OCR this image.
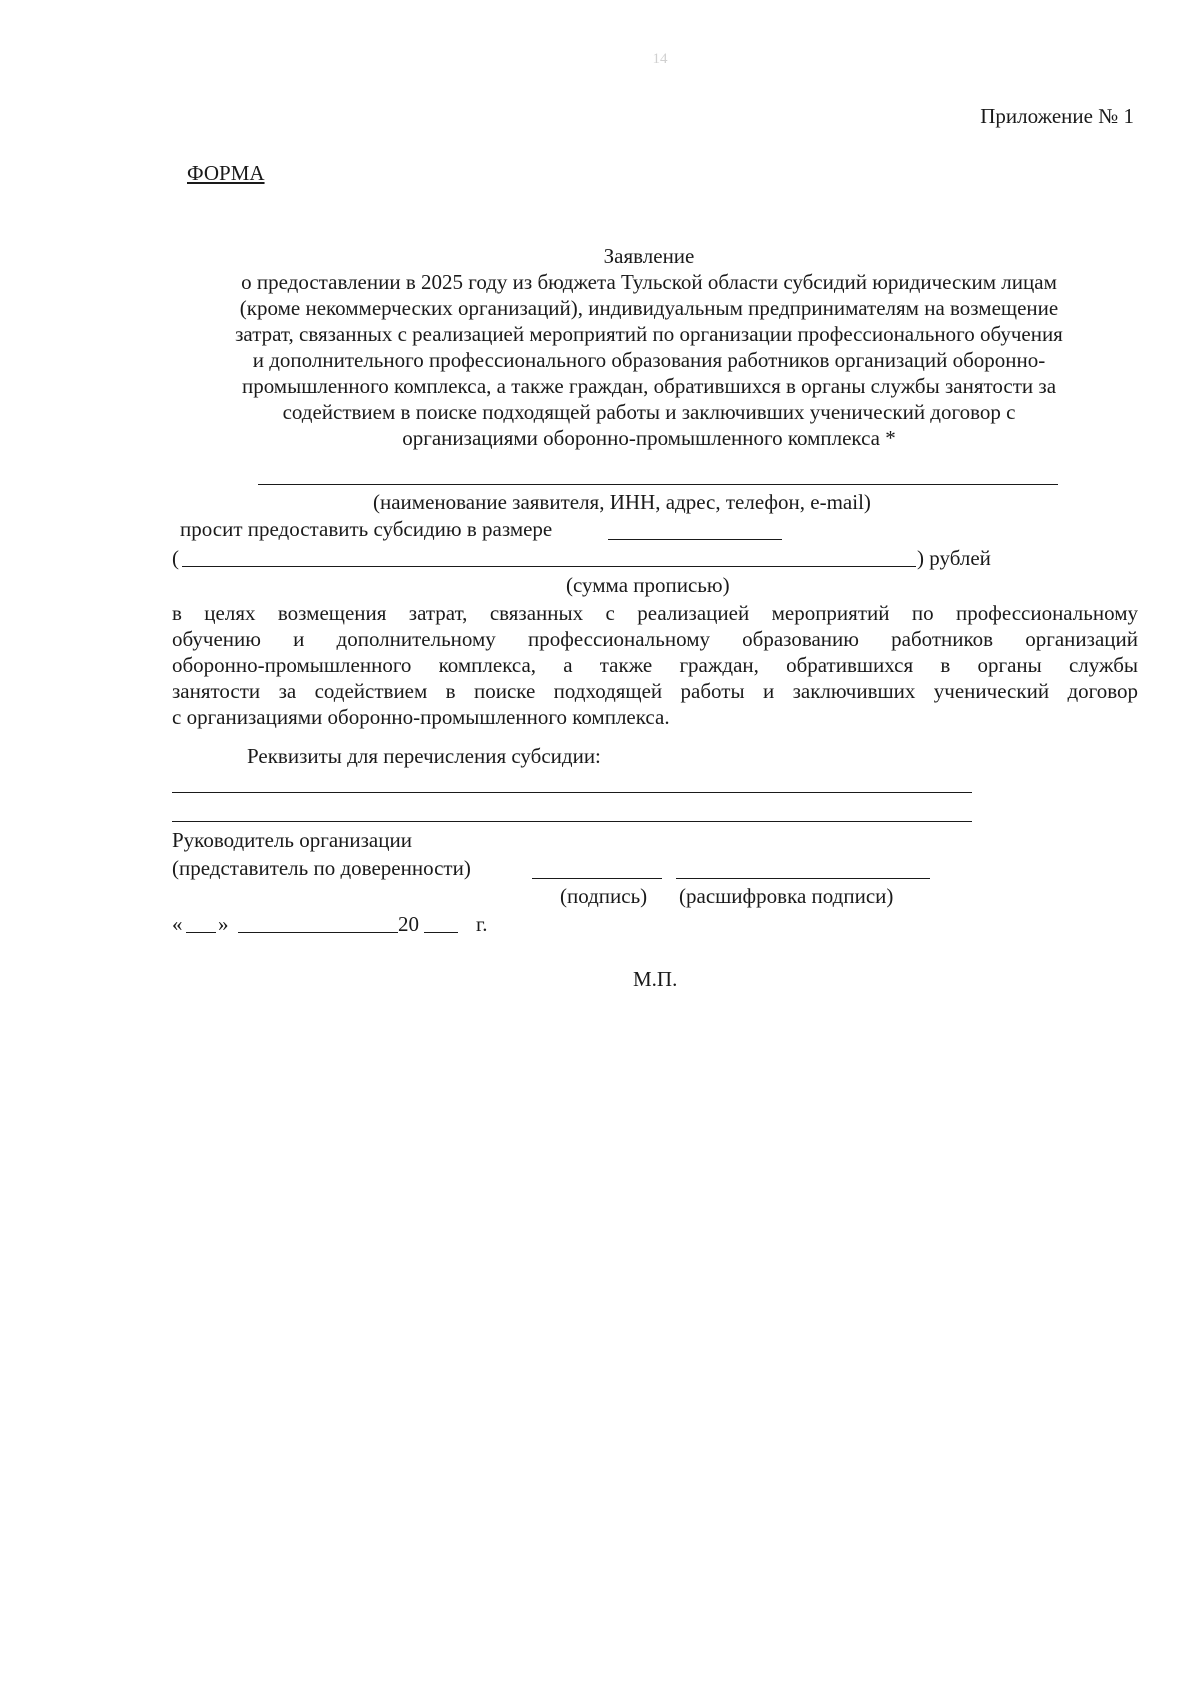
14
Приложение № 1
ФОРМА
Заявление
о предоставлении в 2025 году из бюджета Тульской области субсидий юридическим лицам
(кроме некоммерческих организаций), индивидуальным предпринимателям на возмещение
затрат, связанных с реализацией мероприятий по организации профессионального обучения
и дополнительного профессионального образования работников организаций оборонно-
промышленного комплекса, а также граждан, обратившихся в органы службы занятости за
содействием в поиске подходящей работы и заключивших ученический договор с
организациями оборонно-промышленного комплекса *
(наименование заявителя, ИНН, адрес, телефон, e-mail)
просит предоставить субсидию в размере
(	) рублей
(сумма прописью)
в целях возмещения затрат, связанных с реализацией мероприятий по профессиональному
обучению и дополнительному профессиональному образованию работников организаций
оборонно-промышленного комплекса, а также граждан, обратившихся в органы службы
занятости за содействием в поиске подходящей работы и заключивших ученический договор
с организациями оборонно-промышленного комплекса.
Реквизиты для перечисления субсидии:
Руководитель организации
(представитель по доверенности)
(подпись) (расшифровка подписи)
« »	20	г.
М.П.
